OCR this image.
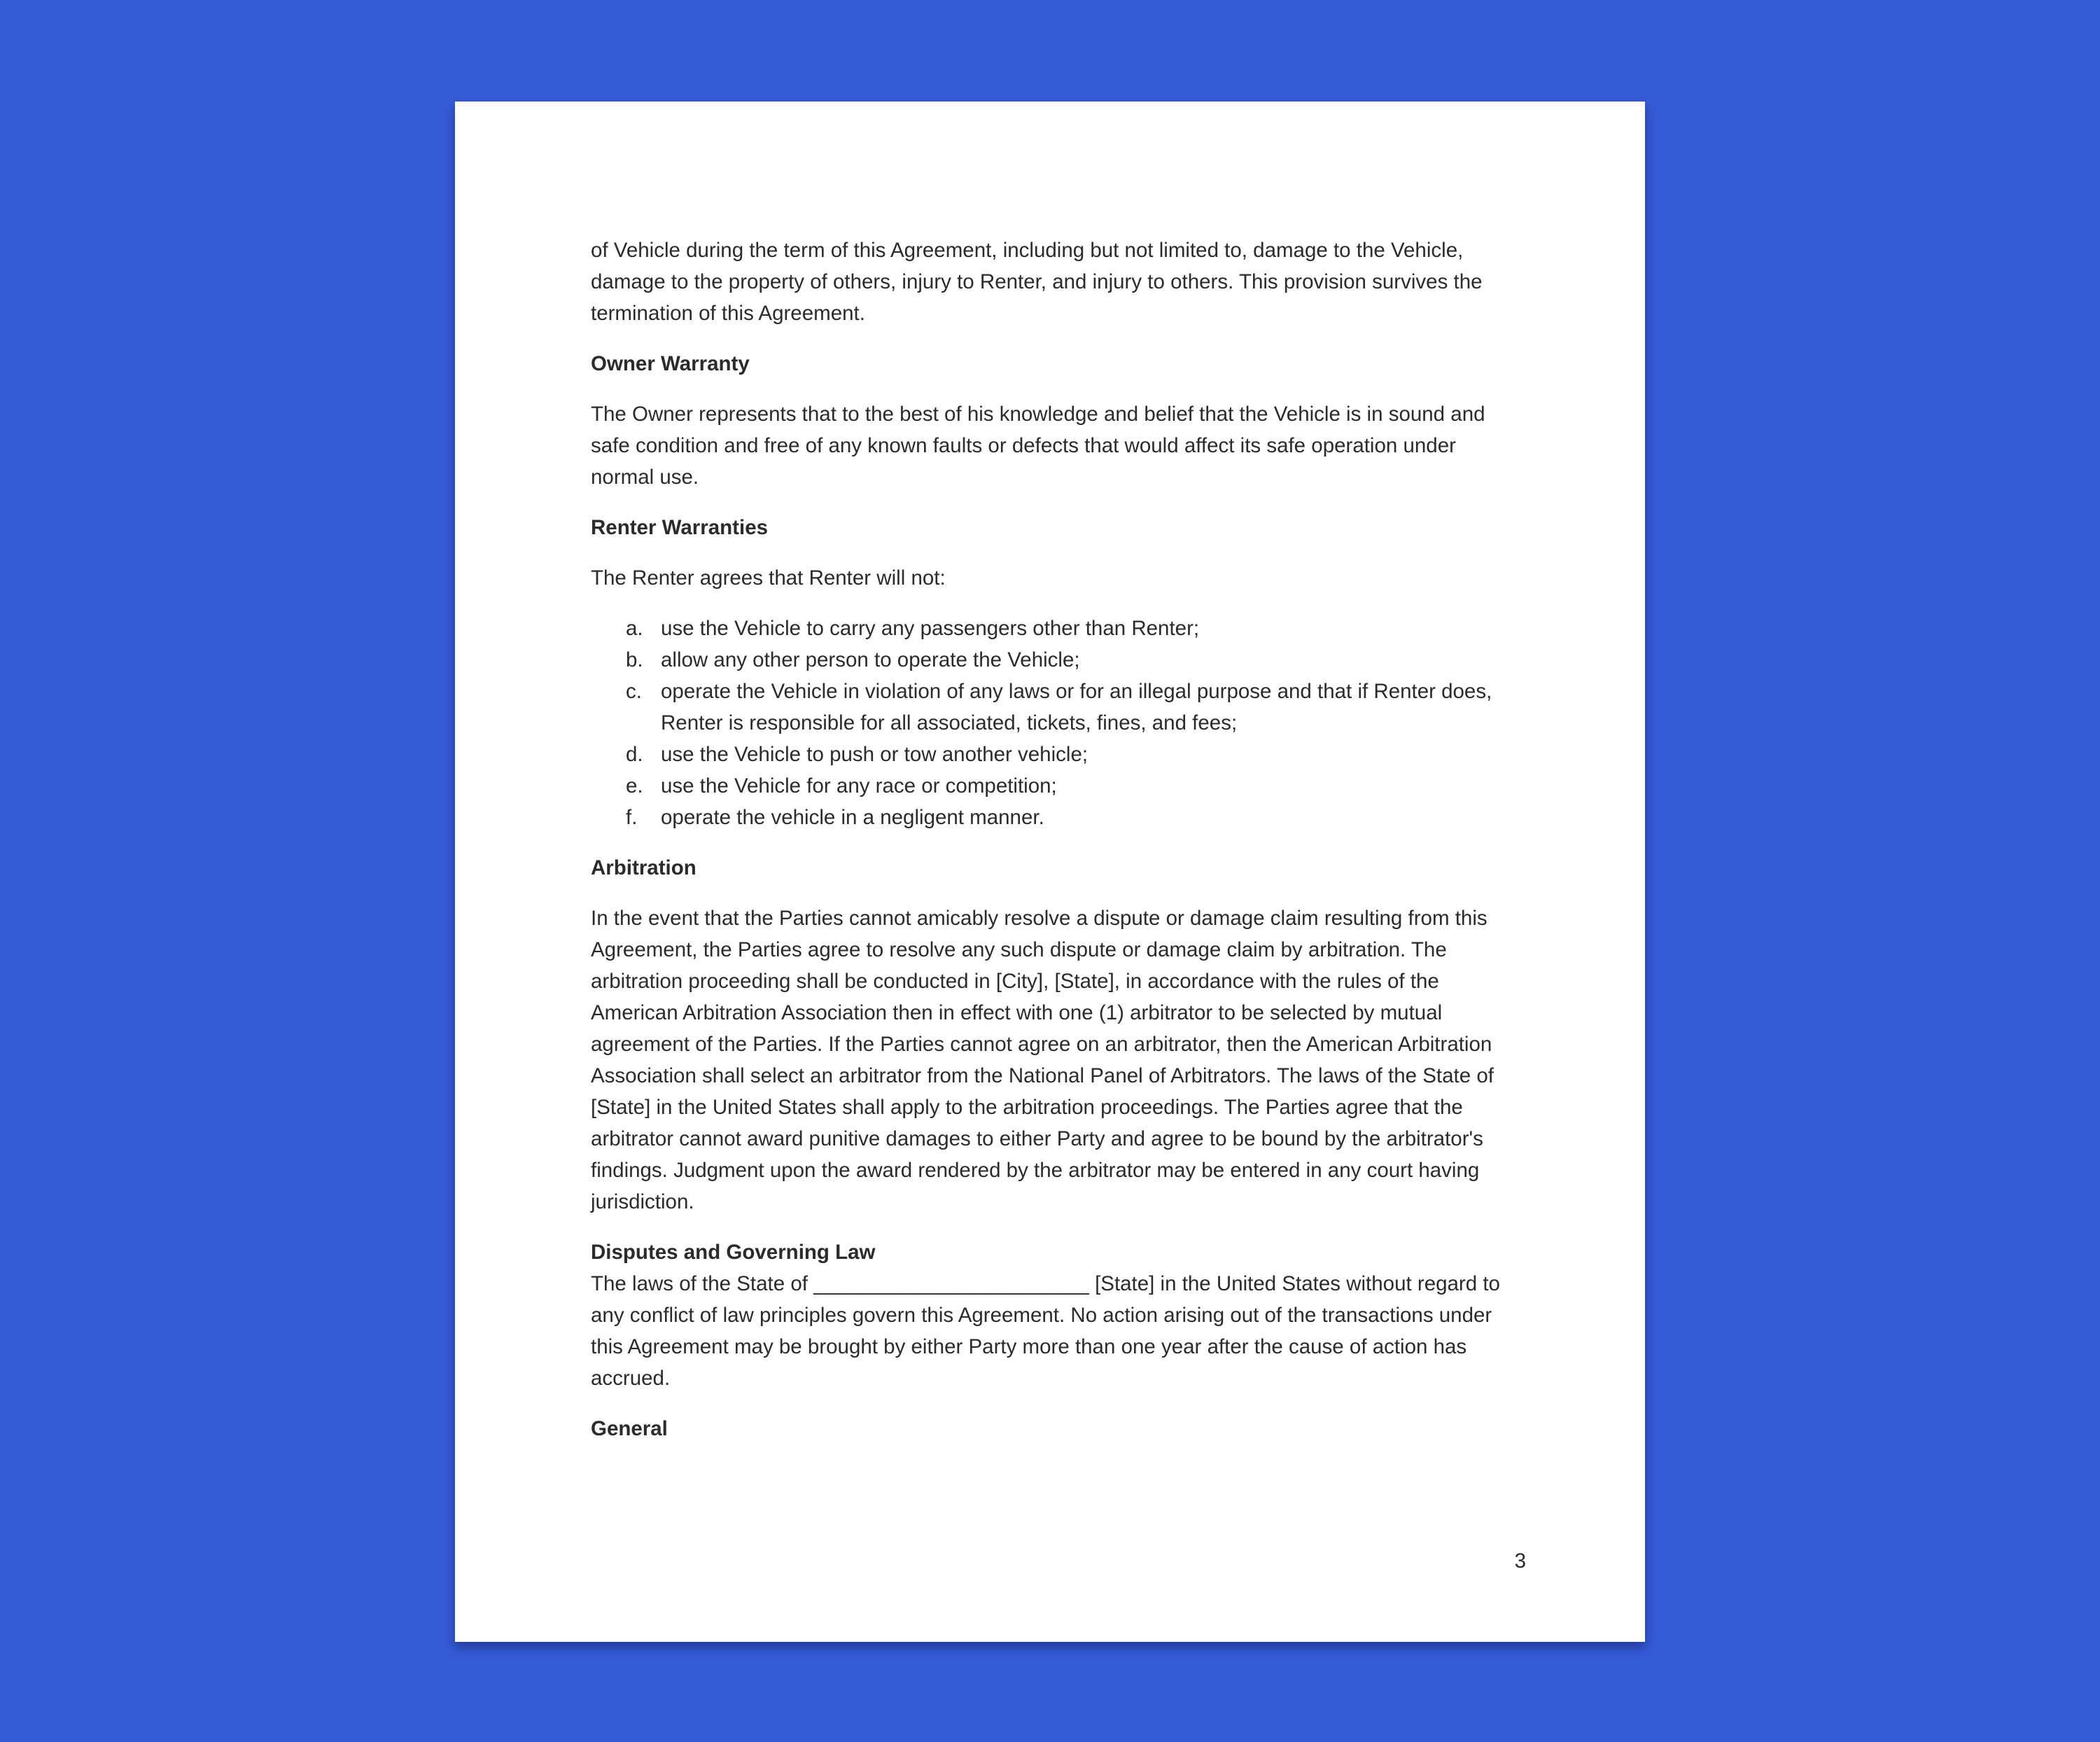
of Vehicle during the term of this Agreement, including but not limited to, damage to the Vehicle, damage to the property of others, injury to Renter, and injury to others. This provision survives the termination of this Agreement.

Owner Warranty

The Owner represents that to the best of his knowledge and belief that the Vehicle is in sound and safe condition and free of any known faults or defects that would affect its safe operation under normal use.

Renter Warranties

The Renter agrees that Renter will not:

a. use the Vehicle to carry any passengers other than Renter;
b. allow any other person to operate the Vehicle;
c. operate the Vehicle in violation of any laws or for an illegal purpose and that if Renter does, Renter is responsible for all associated, tickets, fines, and fees;
d. use the Vehicle to push or tow another vehicle;
e. use the Vehicle for any race or competition;
f.	operate the vehicle in a negligent manner.
Arbitration

In the event that the Parties cannot amicably resolve a dispute or damage claim resulting from this Agreement, the Parties agree to resolve any such dispute or damage claim by arbitration. The arbitration proceeding shall be conducted in [City], [State], in accordance with the rules of the American Arbitration Association then in effect with one (1) arbitrator to be selected by mutual agreement of the Parties. If the Parties cannot agree on an arbitrator, then the American Arbitration Association shall select an arbitrator from the National Panel of Arbitrators. The laws of the State of [State] in the United States shall apply to the arbitration proceedings. The Parties agree that the arbitrator cannot award punitive damages to either Party and agree to be bound by the arbitrator's findings. Judgment upon the award rendered by the arbitrator may be entered in any court having jurisdiction.

Disputes and Governing Law

The laws of the State of ________________________ [State] in the United States without regard to any conflict of law principles govern this Agreement. No action arising out of the transactions under this Agreement may be brought by either Party more than one year after the cause of action has accrued.

General
3
